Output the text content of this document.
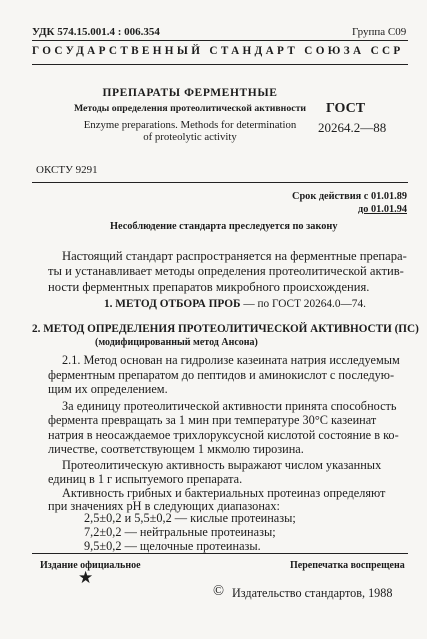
УДК 574.15.001.4 : 006.354	Группа С09
ГОСУДАРСТВЕННЫЙ СТАНДАРТ СОЮЗА ССР
ПРЕПАРАТЫ ФЕРМЕНТНЫЕ
Методы определения протеолитической активности
Enzyme preparations. Methods for determination
of proteolytic activity
ГОСТ
20264.2—88
ОКСТУ 9291
Срок действия с 01.01.89
до 01.01.94
Несоблюдение стандарта преследуется по закону
Настоящий стандарт распространяется на ферментные препара-
ты и устанавливает методы определения протеолитической актив-
ности ферментных препаратов микробного происхождения.
1. МЕТОД ОТБОРА ПРОБ — по ГОСТ 20264.0—74.
2. МЕТОД ОПРЕДЕЛЕНИЯ ПРОТЕОЛИТИЧЕСКОЙ АКТИВНОСТИ (ПС)
(модифицированный метод Ансона)
2.1. Метод основан на гидролизе казеината натрия исследуемым
ферментным препаратом до пептидов и аминокислот с последую-
щим их определением.
За единицу протеолитической активности принята способность
фермента превращать за 1 мин при температуре 30°С казеинат
натрия в неосаждаемое трихлоруксусной кислотой состояние в ко-
личестве, соответствующем 1 мкмолю тирозина.
Протеолитическую активность выражают числом указанных
единиц в 1 г испытуемого препарата.
Активность грибных и бактериальных протеиназ определяют
при значениях рН в следующих диапазонах:
2,5±0,2 и 5,5±0,2 — кислые протеиназы;
7,2±0,2 — нейтральные протеиназы;
9,5±0,2 — щелочные протеиназы.
Издание официальное	Перепечатка воспрещена
★
© Издательство стандартов, 1988
